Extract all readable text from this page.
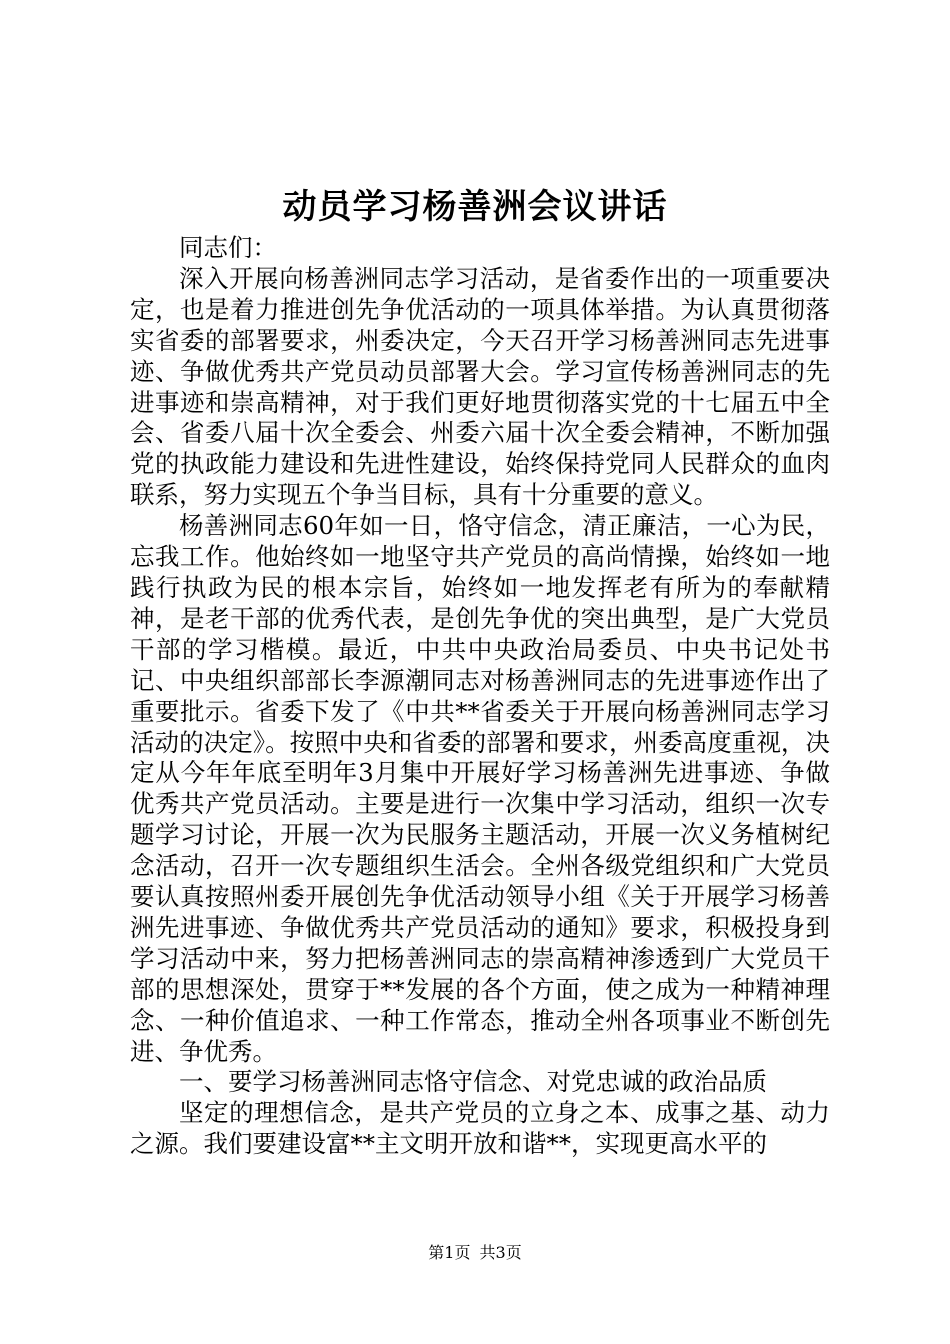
动员学习杨善洲会议讲话

同志们：

深入开展向杨善洲同志学习活动，是省委作出的一项重要决定，也是着力推进创先争优活动的一项具体举措。为认真贯彻落实省委的部署要求，州委决定，今天召开学习杨善洲同志先进事迹、争做优秀共产党员动员部署大会。学习宣传杨善洲同志的先进事迹和崇高精神，对于我们更好地贯彻落实党的十七届五中全会、省委八届十次全委会、州委六届十次全委会精神，不断加强党的执政能力建设和先进性建设，始终保持党同人民群众的血肉联系，努力实现五个争当目标，具有十分重要的意义。

杨善洲同志60年如一日，恪守信念，清正廉洁，一心为民，忘我工作。他始终如一地坚守共产党员的高尚情操，始终如一地践行执政为民的根本宗旨，始终如一地发挥老有所为的奉献精神，是老干部的优秀代表，是创先争优的突出典型，是广大党员干部的学习楷模。最近，中共中央政治局委员、中央书记处书记、中央组织部部长李源潮同志对杨善洲同志的先进事迹作出了重要批示。省委下发了《中共**省委关于开展向杨善洲同志学习活动的决定》。按照中央和省委的部署和要求，州委高度重视，决定从今年年底至明年3月集中开展好学习杨善洲先进事迹、争做优秀共产党员活动。主要是进行一次集中学习活动，组织一次专题学习讨论，开展一次为民服务主题活动，开展一次义务植树纪念活动，召开一次专题组织生活会。全州各级党组织和广大党员要认真按照州委开展创先争优活动领导小组《关于开展学习杨善洲先进事迹、争做优秀共产党员活动的通知》要求，积极投身到学习活动中来，努力把杨善洲同志的崇高精神渗透到广大党员干部的思想深处，贯穿于**发展的各个方面，使之成为一种精神理念、一种价值追求、一种工作常态，推动全州各项事业不断创先进、争优秀。

一、要学习杨善洲同志恪守信念、对党忠诚的政治品质

坚定的理想信念，是共产党员的立身之本、成事之基、动力之源。我们要建设富**主文明开放和谐**，实现更高水平的

第1页 共3页
